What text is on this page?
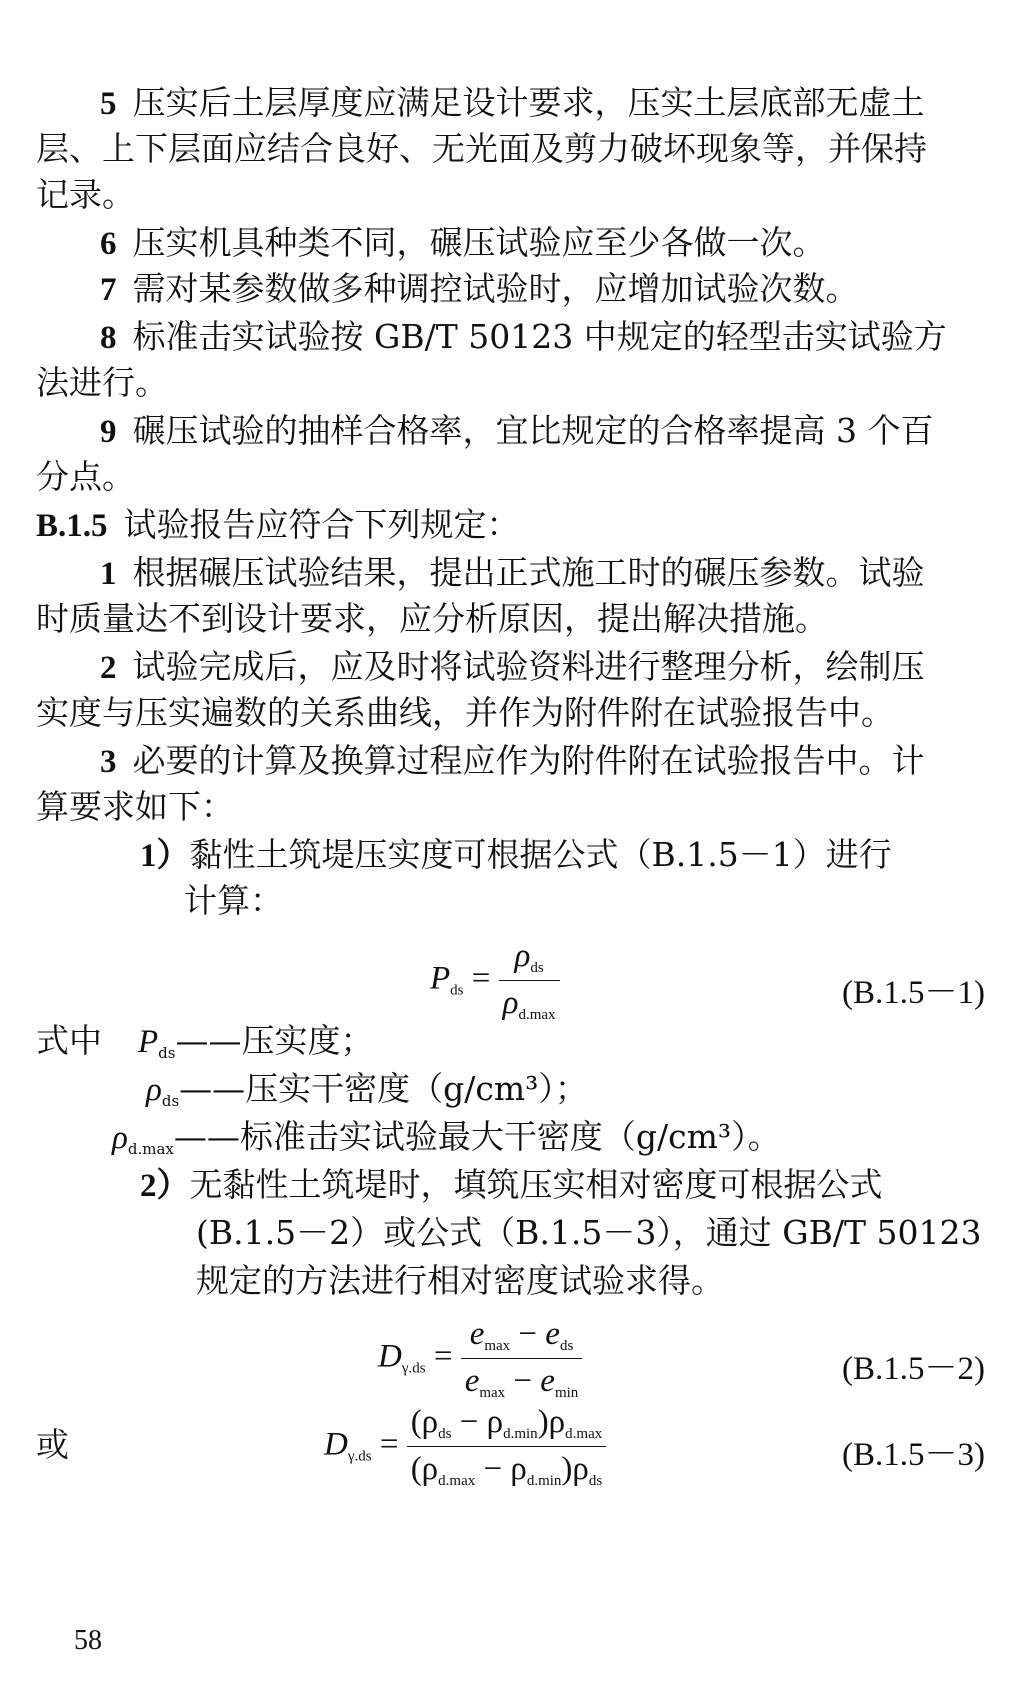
5 压实后土层厚度应满足设计要求，压实土层底部无虚土
层、上下层面应结合良好、无光面及剪力破坏现象等，并保持
记录。
6 压实机具种类不同，碾压试验应至少各做一次。
7 需对某参数做多种调控试验时，应增加试验次数。
8 标准击实试验按 GB/T 50123 中规定的轻型击实试验方
法进行。
9 碾压试验的抽样合格率，宜比规定的合格率提高 3 个百
分点。
B.1.5 试验报告应符合下列规定：
1 根据碾压试验结果，提出正式施工时的碾压参数。试验
时质量达不到设计要求，应分析原因，提出解决措施。
2 试验完成后，应及时将试验资料进行整理分析，绘制压
实度与压实遍数的关系曲线，并作为附件附在试验报告中。
3 必要的计算及换算过程应作为附件附在试验报告中。计
算要求如下：
1）黏性土筑堤压实度可根据公式（B.1.5－1）进行
计算：
$P_{ds} = \frac{\rho_{ds}}{\rho_{d.max}}$	(B.1.5－1)
式中 $P_{ds}——$压实度；
$\rho_{ds}——$压实干密度（g/cm³）；
$\rho_{d.max}——$标准击实试验最大干密度（g/cm³）。
2）无黏性土筑堤时，填筑压实相对密度可根据公式
(B.1.5－2）或公式（B.1.5－3），通过 GB/T 50123
规定的方法进行相对密度试验求得。
$D_{\gamma.ds} = \frac{e_{max} - e_{ds}}{e_{max} - e_{min}}$	(B.1.5－2)
或	$D_{\gamma.ds} = \frac{(\rho_{ds} - \rho_{d.min})\rho_{d.max}}{(\rho_{d.max} - \rho_{d.min})\rho_{ds}}$	(B.1.5－3)
58
